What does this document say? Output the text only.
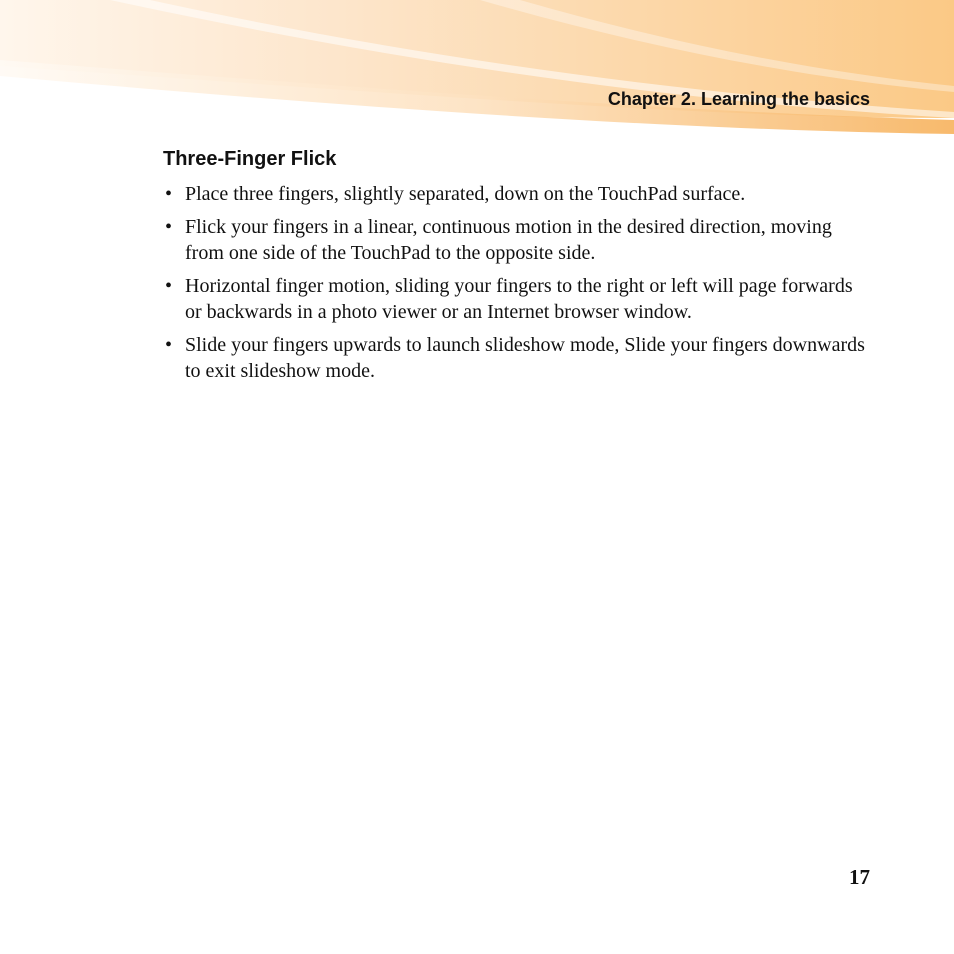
Chapter 2. Learning the basics
Three-Finger Flick
• Place three fingers, slightly separated, down on the TouchPad surface.
• Flick your fingers in a linear, continuous motion in the desired direction, moving from one side of the TouchPad to the opposite side.
• Horizontal finger motion, sliding your fingers to the right or left will page forwards or backwards in a photo viewer or an Internet browser window.
• Slide your fingers upwards to launch slideshow mode, Slide your fingers downwards to exit slideshow mode.
17
